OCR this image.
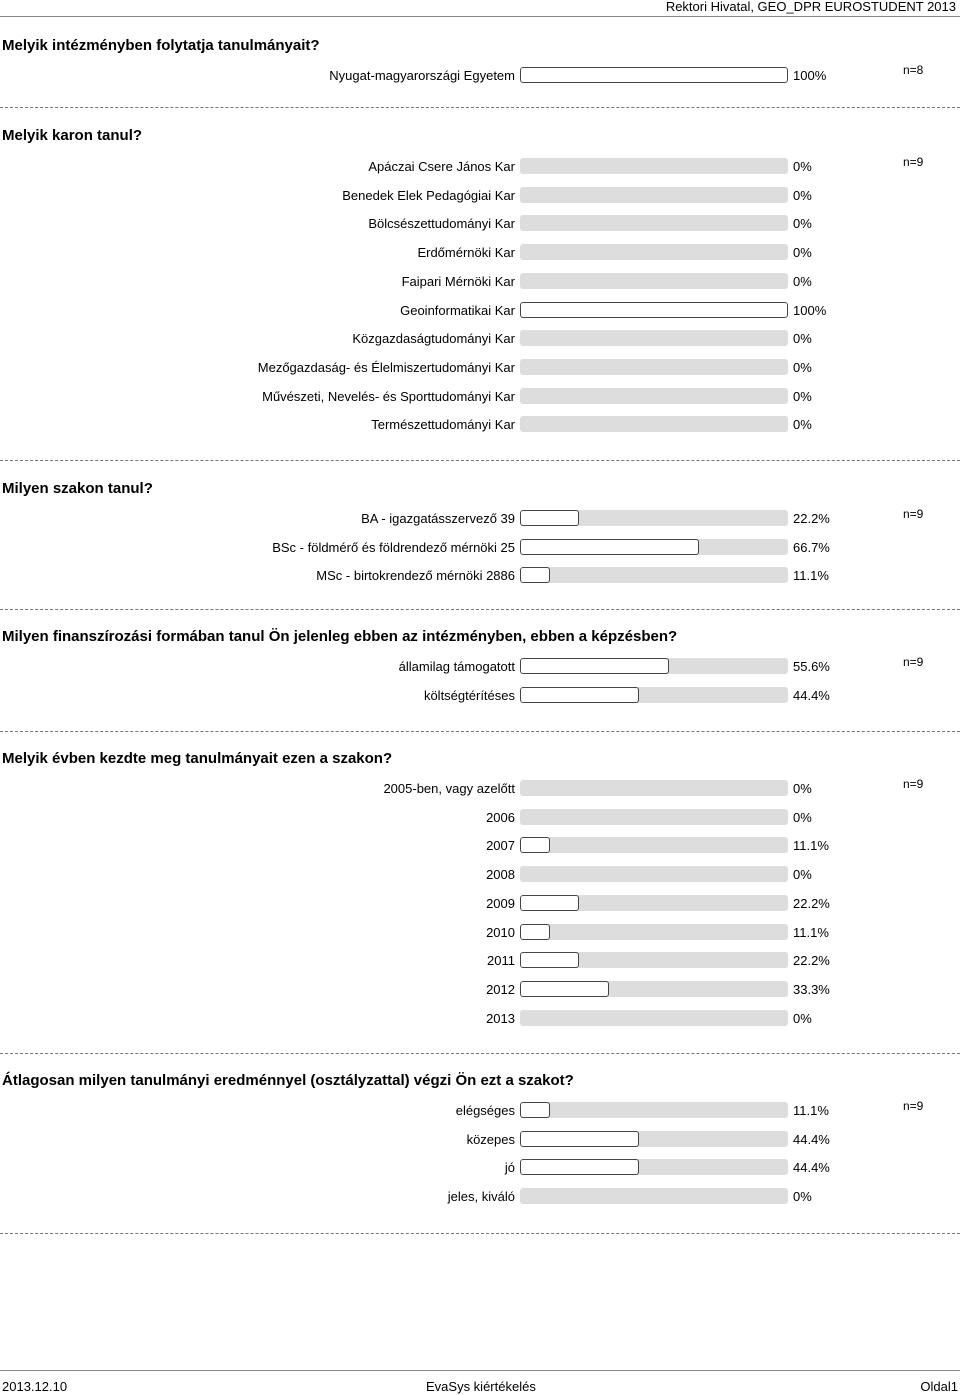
Rektori Hivatal, GEO_DPR EUROSTUDENT 2013
Melyik intézményben folytatja tanulmányait?
n=8
Nyugat-magyarországi Egyetem	100%
Melyik karon tanul?
n=9
Apáczai Csere János Kar	0%
Benedek Elek Pedagógiai Kar	0%
Bölcsészettudományi Kar	0%
Erdőmérnöki Kar	0%
Faipari Mérnöki Kar	0%
Geoinformatikai Kar	100%
Közgazdaságtudományi Kar	0%
Mezőgazdaság- és Élelmiszertudományi Kar	0%
Művészeti, Nevelés- és Sporttudományi Kar	0%
Természettudományi Kar	0%
Milyen szakon tanul?
n=9
BA - igazgatásszervező 39	22.2%
BSc - földmérő és földrendező mérnöki 25	66.7%
MSc - birtokrendező mérnöki 2886	11.1%
Milyen finanszírozási formában tanul Ön jelenleg ebben az intézményben, ebben a képzésben?
n=9
államilag támogatott	55.6%
költségtérítéses	44.4%
Melyik évben kezdte meg tanulmányait ezen a szakon?
n=9
2005-ben, vagy azelőtt	0%
2006	0%
2007	11.1%
2008	0%
2009	22.2%
2010	11.1%
2011	22.2%
2012	33.3%
2013	0%
Átlagosan milyen tanulmányi eredménnyel (osztályzattal) végzi Ön ezt a szakot?
n=9
elégséges	11.1%
közepes	44.4%
jó	44.4%
jeles, kiváló	0%
2013.12.10	EvaSys kiértékelés	Oldal1
